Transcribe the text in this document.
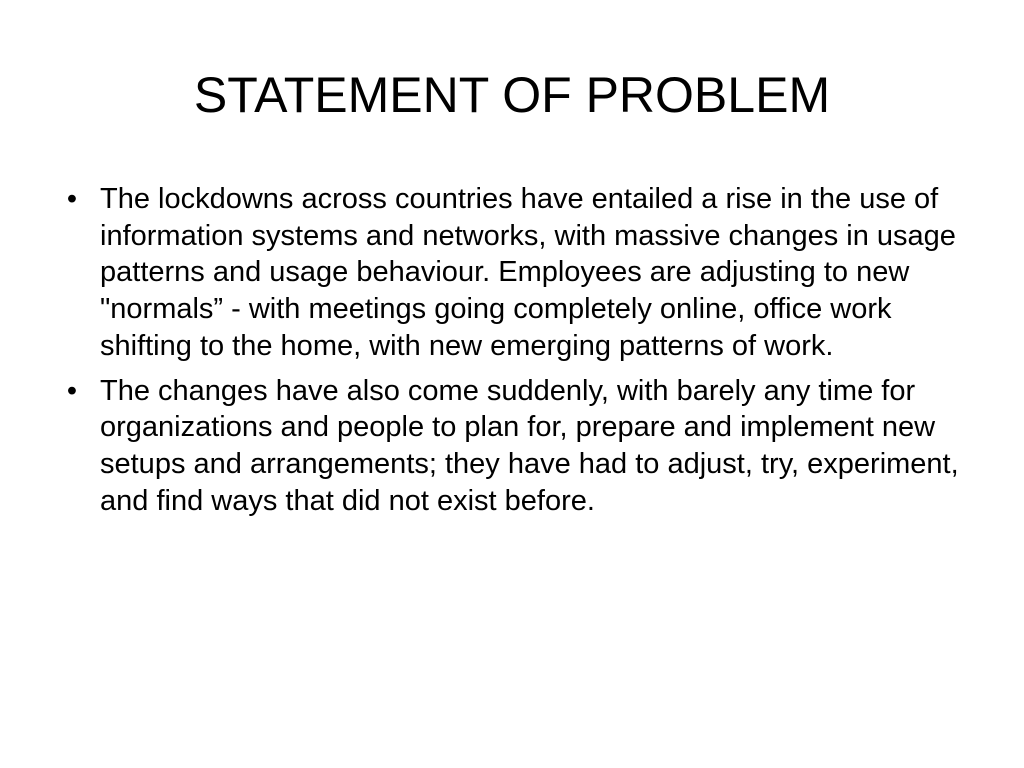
STATEMENT OF PROBLEM
• The lockdowns across countries have entailed a rise in the use of information systems and networks, with massive changes in usage patterns and usage behaviour. Employees are adjusting to new "normals” - with meetings going completely online, office work shifting to the home, with new emerging patterns of work.
• The changes have also come suddenly, with barely any time for organizations and people to plan for, prepare and implement new setups and arrangements; they have had to adjust, try, experiment, and find ways that did not exist before.
